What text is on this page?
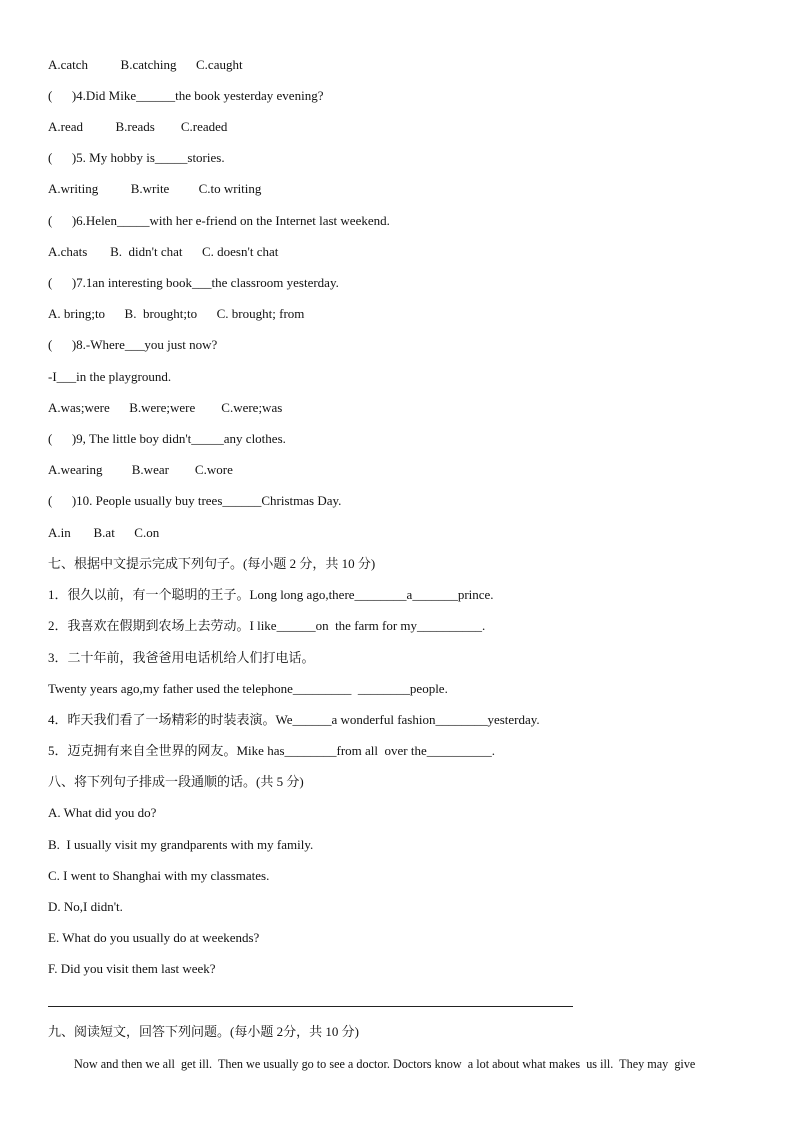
A.catch          B.catching      C.caught
(      )4.Did Mike______the book yesterday evening?
A.read          B.reads        C.readed
(      )5. My hobby is_____stories.
A.writing          B.write         C.to writing
(      )6.Helen_____with her e-friend on the Internet last weekend.
A.chats       B.  didn't chat      C. doesn't chat
(      )7.1an interesting book___the classroom yesterday.
A. bring;to      B.  brought;to      C. brought; from
(      )8.-Where___you just now?
-I___in the playground.
A.was;were      B.were;were        C.were;was
(      )9, The little boy didn't_____any clothes.
A.wearing         B.wear        C.wore
(      )10. People usually buy trees______Christmas Day.
A.in       B.at      C.on
七、根据中文提示完成下列句子。(每小题 2 分，共 10 分)
1．很久以前，有一个聪明的王子。Long long ago,there________a_______prince.
2．我喜欢在假期到农场上去劳动。I like______on  the farm for my__________.
3．二十年前，我爸爸用电话机给人们打电话。
Twenty years ago,my father used the telephone_________  ________people.
4．昨天我们看了一场精彩的时装表演。We______a wonderful fashion________yesterday.
5．迈克拥有来自全世界的网友。Mike has________from all  over the__________.
八、将下列句子排成一段通顺的话。(共 5 分)
A. What did you do?
B.  I usually visit my grandparents with my family.
C. I went to Shanghai with my classmates.
D. No,I didn't.
E. What do you usually do at weekends?
F. Did you visit them last week?
九、阅读短文，回答下列问题。(每小题 2分，共 10 分)
Now and then we all  get ill.  Then we usually go to see a doctor. Doctors know  a lot about what makes  us ill.  They may  give
